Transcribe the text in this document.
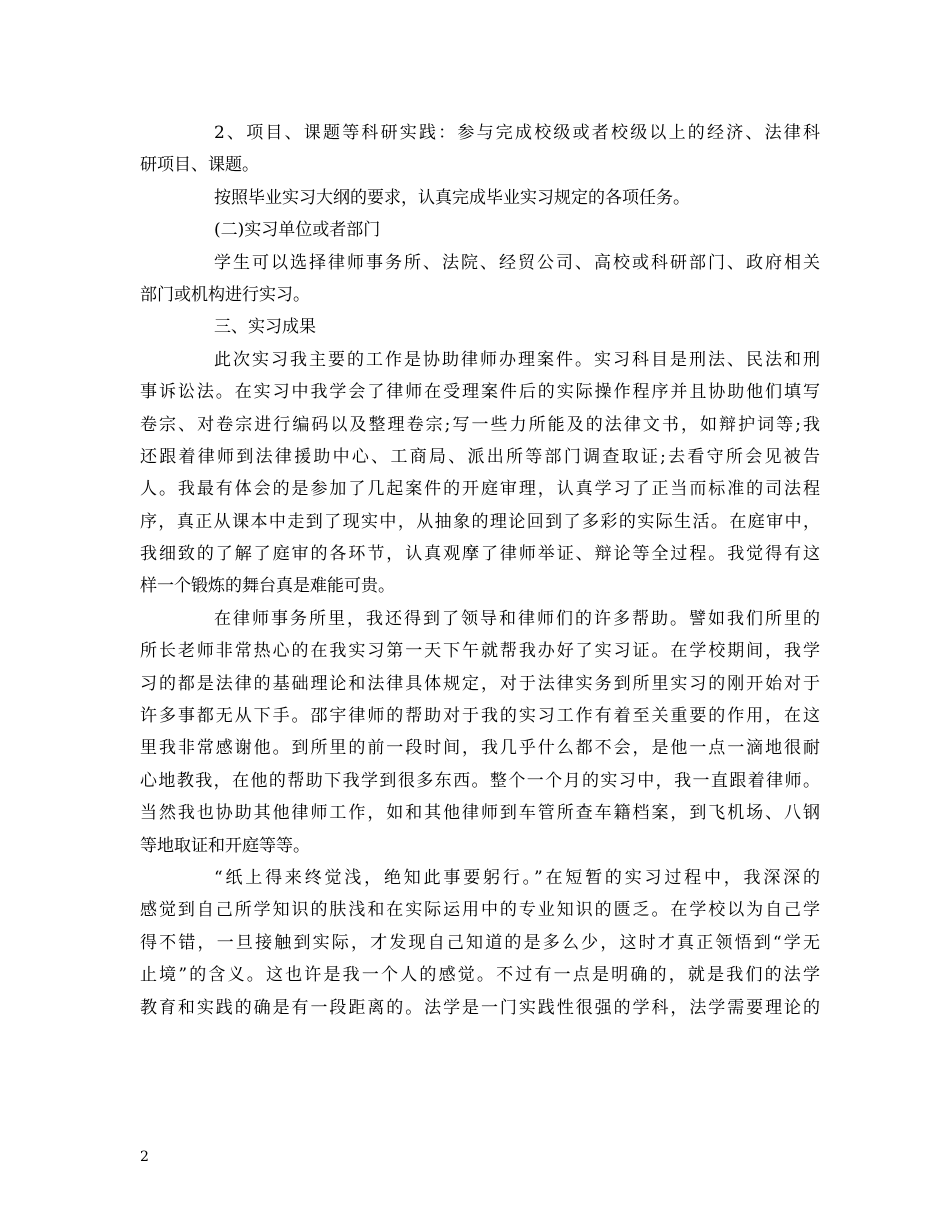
2、项目、课题等科研实践：参与完成校级或者校级以上的经济、法律科
研项目、课题。
按照毕业实习大纲的要求，认真完成毕业实习规定的各项任务。
(二)实习单位或者部门
学生可以选择律师事务所、法院、经贸公司、高校或科研部门、政府相关
部门或机构进行实习。
三、实习成果
此次实习我主要的工作是协助律师办理案件。实习科目是刑法、民法和刑
事诉讼法。在实习中我学会了律师在受理案件后的实际操作程序并且协助他们填写
卷宗、对卷宗进行编码以及整理卷宗;写一些力所能及的法律文书，如辩护词等;我
还跟着律师到法律援助中心、工商局、派出所等部门调查取证;去看守所会见被告
人。我最有体会的是参加了几起案件的开庭审理，认真学习了正当而标准的司法程
序，真正从课本中走到了现实中，从抽象的理论回到了多彩的实际生活。在庭审中，
我细致的了解了庭审的各环节，认真观摩了律师举证、辩论等全过程。我觉得有这
样一个锻炼的舞台真是难能可贵。
在律师事务所里，我还得到了领导和律师们的许多帮助。譬如我们所里的
所长老师非常热心的在我实习第一天下午就帮我办好了实习证。在学校期间，我学
习的都是法律的基础理论和法律具体规定，对于法律实务到所里实习的刚开始对于
许多事都无从下手。邵宇律师的帮助对于我的实习工作有着至关重要的作用，在这
里我非常感谢他。到所里的前一段时间，我几乎什么都不会，是他一点一滴地很耐
心地教我，在他的帮助下我学到很多东西。整个一个月的实习中，我一直跟着律师。
当然我也协助其他律师工作，如和其他律师到车管所查车籍档案，到飞机场、八钢
等地取证和开庭等等。
“纸上得来终觉浅，绝知此事要躬行。”在短暂的实习过程中，我深深的
感觉到自己所学知识的肤浅和在实际运用中的专业知识的匮乏。在学校以为自己学
得不错，一旦接触到实际，才发现自己知道的是多么少，这时才真正领悟到“学无
止境”的含义。这也许是我一个人的感觉。不过有一点是明确的，就是我们的法学
教育和实践的确是有一段距离的。法学是一门实践性很强的学科，法学需要理论的
2
